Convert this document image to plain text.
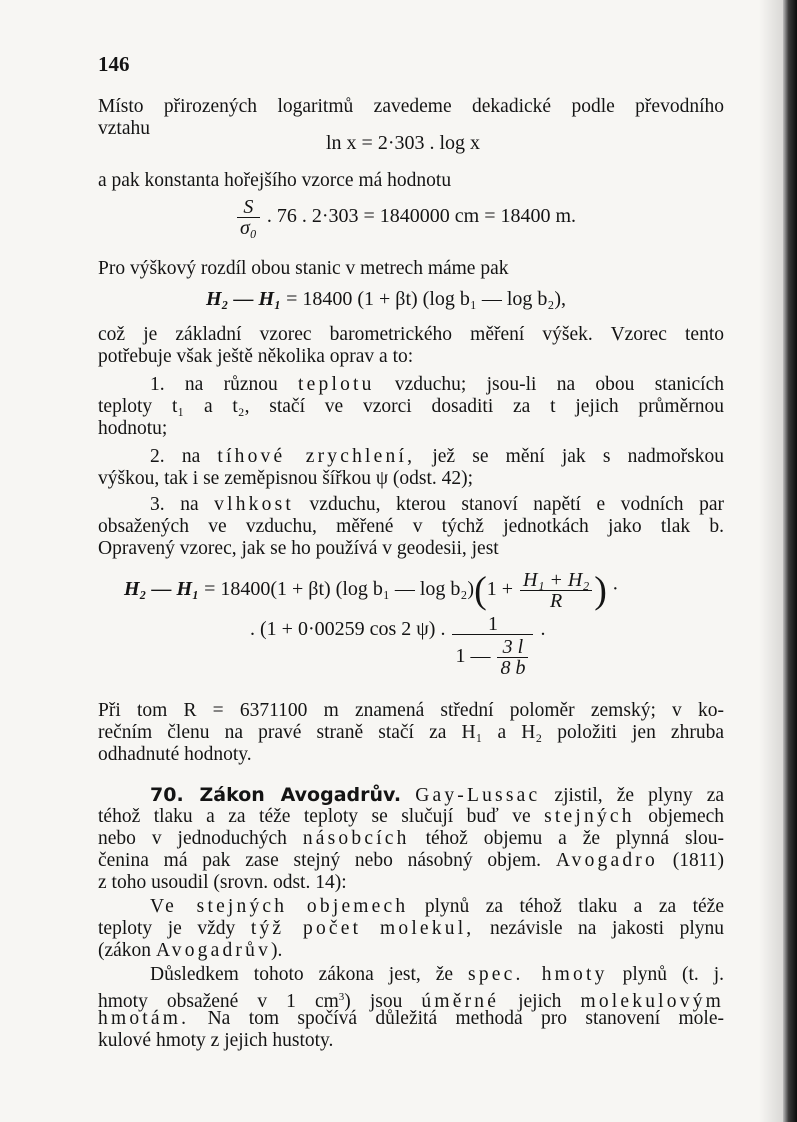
146
Místo přirozených logaritmů zavedeme dekadické podle převodního
vztahu
ln x = 2·303 . log x
a pak konstanta hořejšího vzorce má hodnotu

$\frac{S}{\text{σ₀}}$ . 76 . 2·303 = 1840000 cm = 18400 m.
Pro výškový rozdíl obou stanic v metrech máme pak
H₂ — H₁ = 18400 (1 + βt) (log b₁ — log b₂),
což je základní vzorec barometrického měření výšek. Vzorec tento
potřebuje však ještě několika oprav a to:
1. na různou teplotu vzduchu; jsou-li na obou stanicích
teploty t₁ a t₂, stačí ve vzorci dosaditi za t jejich průměrnou
hodnotu;
2. na tíhové zrychlení, jež se mění jak s nadmořskou
výškou, tak i se zeměpisnou šířkou ψ (odst. 42);
3. na vlhkost vzduchu, kterou stanoví napětí e vodních par
obsažených ve vzduchu, měřené v týchž jednotkách jako tlak b.
Opravený vzorec, jak se ho používá v geodesii, jest
H₂ — H₁ = 18400(1 + βt) (log b₁ — $\log b_2)(1 + \frac{\text{H₁ + H₂}}{R}$ ) ·
. (1 + 0·00259 cos 2 ψ) . $\frac{1}{1 — \frac{3 l}{8 b}}$ .
Při tom R = 6371100 m znamená střední poloměr zemský; v ko-
rečním členu na pravé straně stačí za H₁ a H₂ položiti jen zhruba
odhadnuté hodnoty.
70. Zákon Avogadrův. Gay-Lussac zjistil, že plyny za
téhož tlaku a za téže teploty se slučují buď ve stejných objemech
nebo v jednoduchých násobcích téhož objemu a že plynná slou-
čenina má pak zase stejný nebo násobný objem. Avogadro (1811)
z toho usoudil (srovn. odst. 14):
Ve stejných objemech plynů za téhož tlaku a za téže
teploty je vždy týž počet molekul, nezávisle na jakosti plynu
(zákon Avogadrův).
Důsledkem tohoto zákona jest, že spec. hmoty plynů (t. j.
hmoty obsažené v 1 $cm^3$) jsou úměrné jejich molekulovým
hmotám. Na tom spočívá důležitá methoda pro stanovení mole-
kulové hmoty z jejich hustoty.
